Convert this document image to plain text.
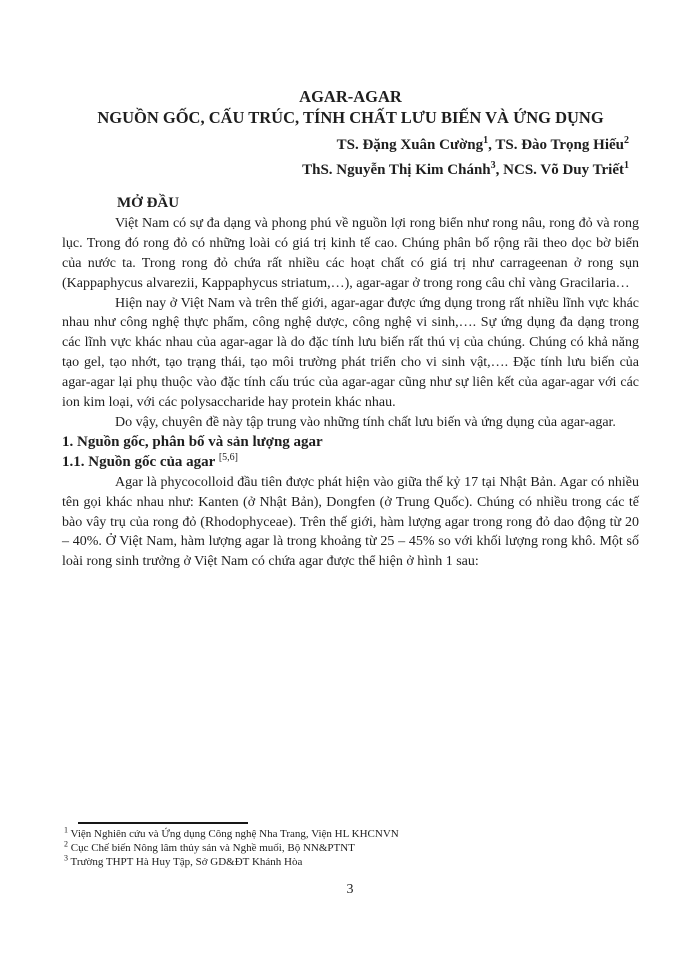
AGAR-AGAR
NGUỒN GỐC, CẤU TRÚC, TÍNH CHẤT LƯU BIẾN VÀ ỨNG DỤNG
TS. Đặng Xuân Cường$^1$, TS. Đào Trọng Hiếu$^2$
ThS. Nguyễn Thị Kim Chánh$^3$, NCS. Võ Duy Triết$^1$
MỞ ĐẦU

Việt Nam có sự đa dạng và phong phú về nguồn lợi rong biển như rong nâu, rong đỏ và rong lục. Trong đó rong đỏ có những loài có giá trị kinh tế cao. Chúng phân bố rộng rãi theo dọc bờ biển của nước ta. Trong rong đỏ chứa rất nhiều các hoạt chất có giá trị như carrageenan ở rong sụn (Kappaphycus alvarezii, Kappaphycus striatum,…), agar-agar ở trong rong câu chỉ vàng Gracilaria…

Hiện nay ở Việt Nam và trên thế giới, agar-agar được ứng dụng trong rất nhiều lĩnh vực khác nhau như công nghệ thực phẩm, công nghệ dược, công nghệ vi sinh,…. Sự ứng dụng đa dạng trong các lĩnh vực khác nhau của agar-agar là do đặc tính lưu biến rất thú vị của chúng. Chúng có khả năng tạo gel, tạo nhớt, tạo trạng thái, tạo môi trường phát triển cho vi sinh vật,…. Đặc tính lưu biến của agar-agar lại phụ thuộc vào đặc tính cấu trúc của agar-agar cũng như sự liên kết của agar-agar với các ion kim loại, với các polysaccharide hay protein khác nhau.

Do vậy, chuyên đề này tập trung vào những tính chất lưu biến và ứng dụng của agar-agar.

1. Nguồn gốc, phân bố và sản lượng agar
1.1. Nguồn gốc của agar [5,6]

Agar là phycocolloid đầu tiên được phát hiện vào giữa thế kỷ 17 tại Nhật Bản. Agar có nhiều tên gọi khác nhau như: Kanten (ở Nhật Bản), Dongfen (ở Trung Quốc). Chúng có nhiều trong các tế bào vây trụ của rong đỏ (Rhodophyceae). Trên thế giới, hàm lượng agar trong rong đỏ dao động từ 20 – 40%. Ở Việt Nam, hàm lượng agar là trong khoảng từ 25 – 45% so với khối lượng rong khô. Một số loài rong sinh trưởng ở Việt Nam có chứa agar được thể hiện ở hình 1 sau:

$^1$ Viện Nghiên cứu và Ứng dụng Công nghệ Nha Trang, Viện HL KHCNVN
$^2$ Cục Chế biến Nông lâm thủy sản và Nghề muối, Bộ NN&PTNT
$^3$ Trường THPT Hà Huy Tập, Sở GD&ĐT Khánh Hòa
3
